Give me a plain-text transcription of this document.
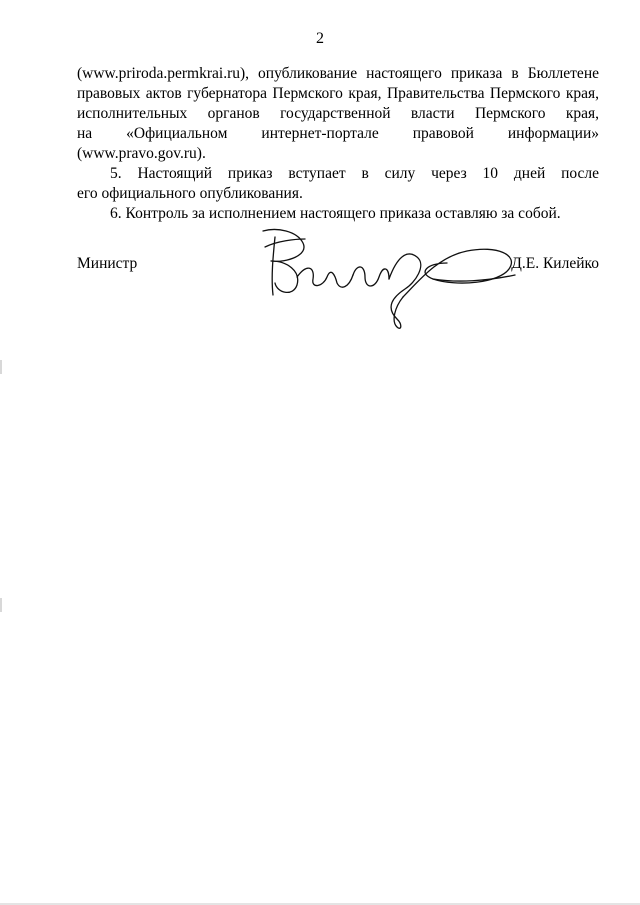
2
(www.priroda.permkrai.ru), опубликование настоящего приказа в Бюллетене
правовых актов губернатора Пермского края, Правительства Пермского края,
исполнительных органов государственной власти Пермского края,
на «Официальном интернет-портале правовой информации»
(www.pravo.gov.ru).
5. Настоящий приказ вступает в силу через 10 дней после
его официального опубликования.
6. Контроль за исполнением настоящего приказа оставляю за собой.
Министр	Д.Е. Килейко
